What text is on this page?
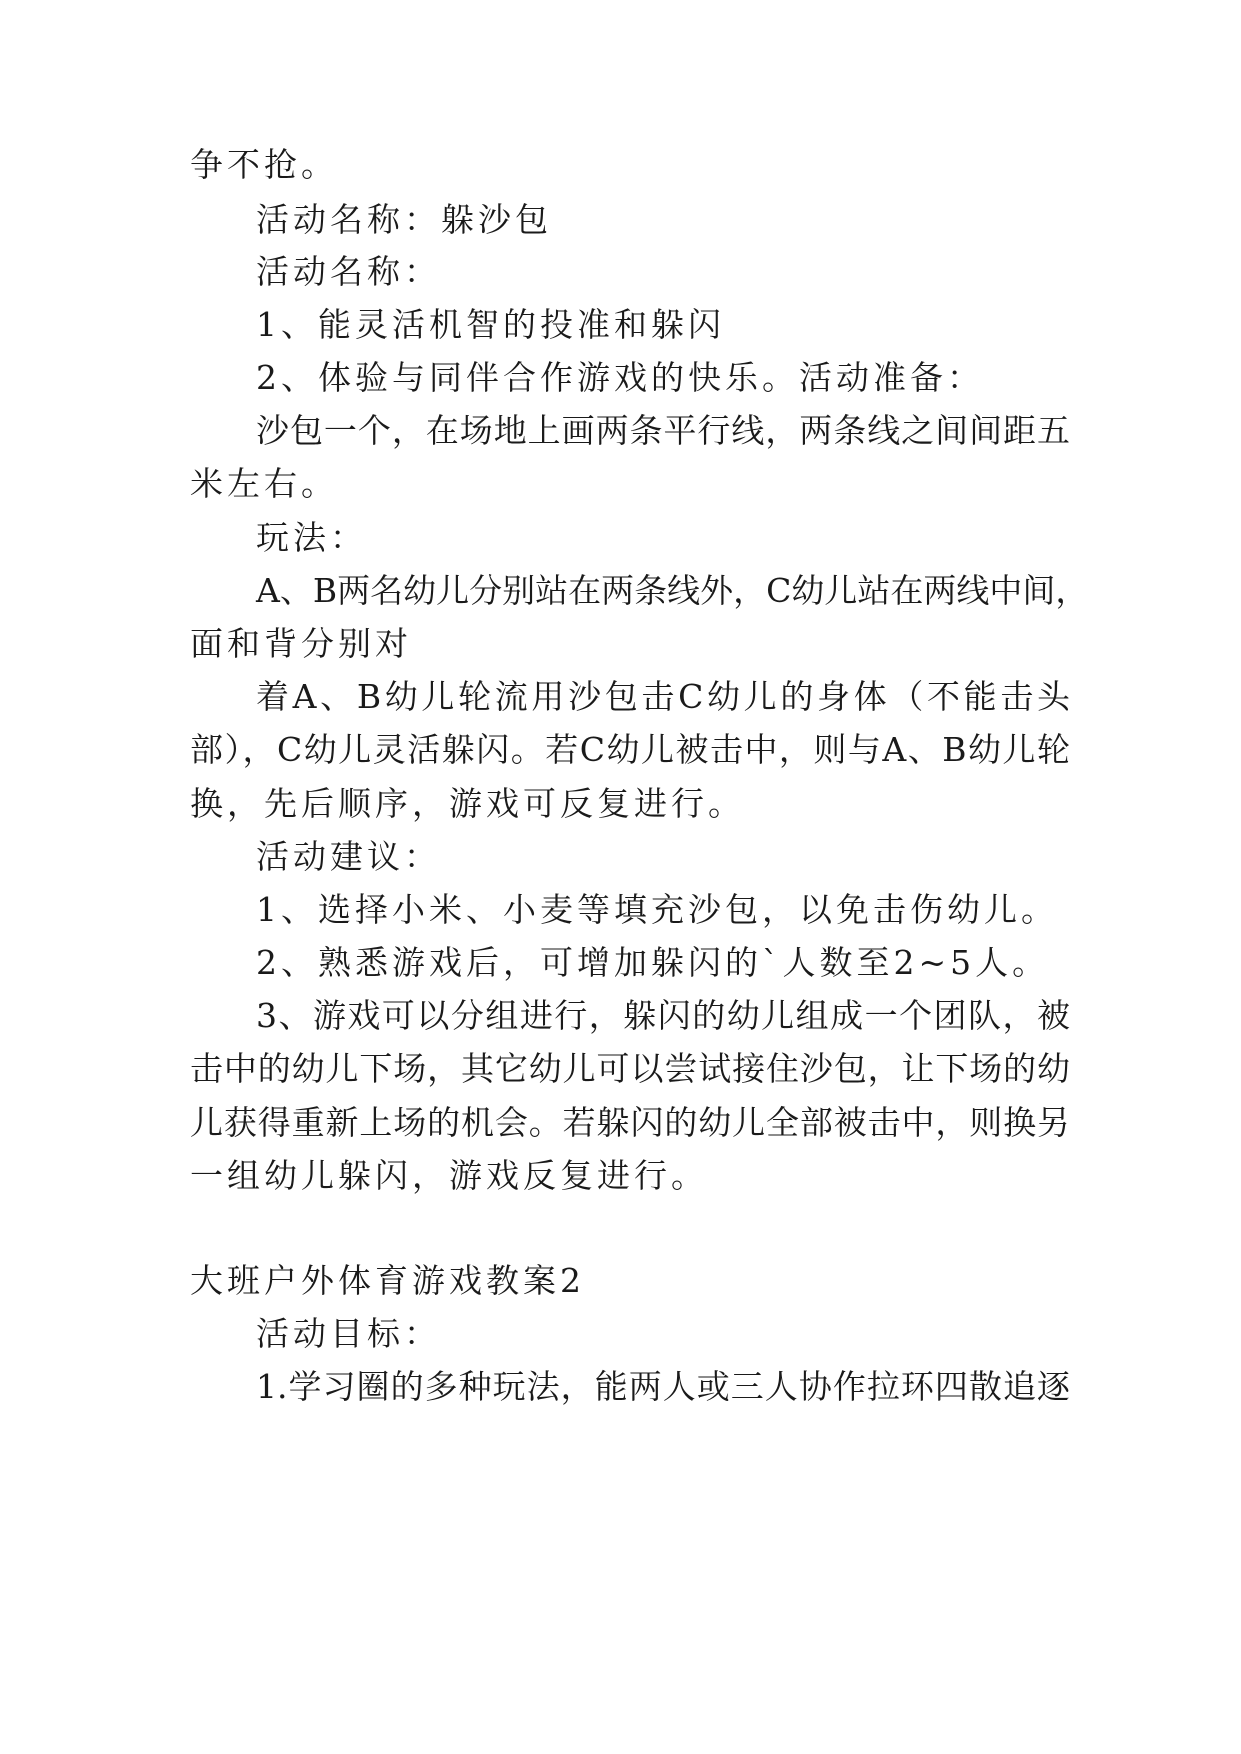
争不抢。
活动名称：躲沙包
活动名称：
1、能灵活机智的投准和躲闪
2、体验与同伴合作游戏的快乐。活动准备：
沙包一个，在场地上画两条平行线，两条线之间间距五
米左右。
玩法：
A、B两名幼儿分别站在两条线外，C幼儿站在两线中间，
面和背分别对
着A、B幼儿轮流用沙包击C幼儿的身体（不能击头
部），C幼儿灵活躲闪。若C幼儿被击中，则与A、B幼儿轮
换，先后顺序，游戏可反复进行。
活动建议：
1、选择小米、小麦等填充沙包，以免击伤幼儿。
2、熟悉游戏后，可增加躲闪的`人数至2~5人。
3、游戏可以分组进行，躲闪的幼儿组成一个团队，被
击中的幼儿下场，其它幼儿可以尝试接住沙包，让下场的幼
儿获得重新上场的机会。若躲闪的幼儿全部被击中，则换另
一组幼儿躲闪，游戏反复进行。
大班户外体育游戏教案2
活动目标：
1.学习圈的多种玩法，能两人或三人协作拉环四散追逐
